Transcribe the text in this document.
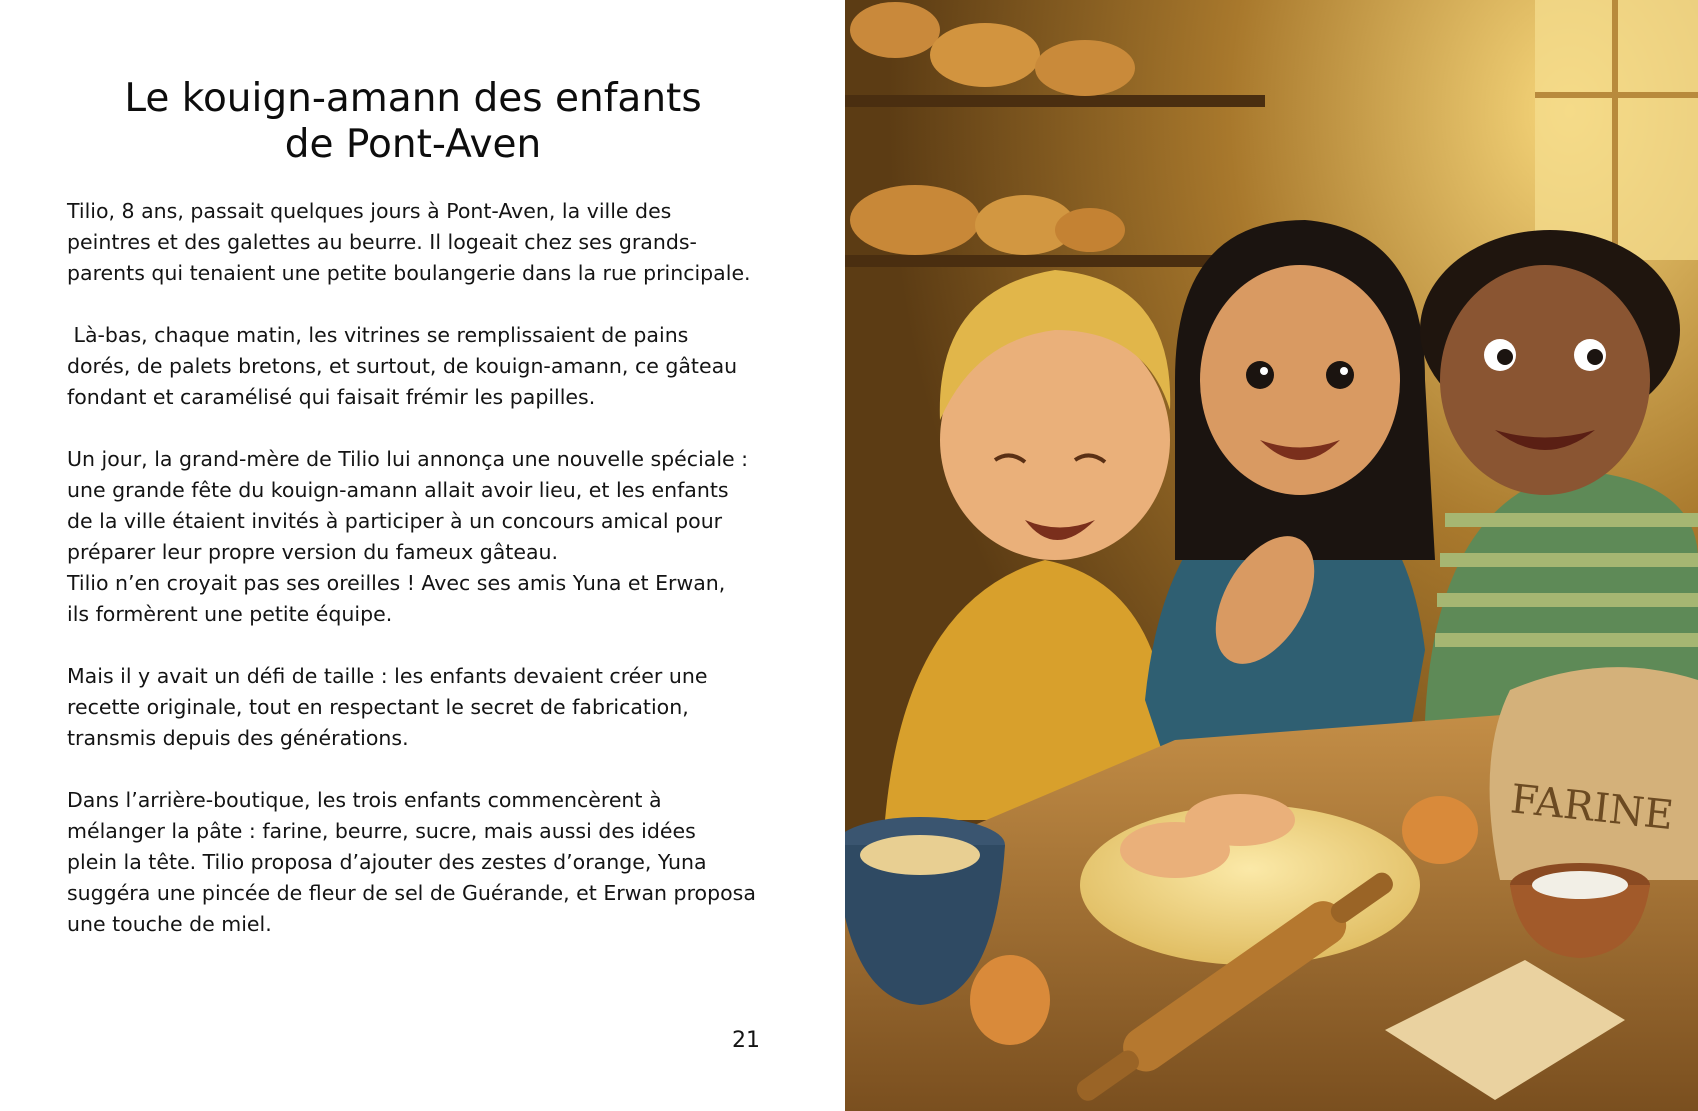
Le kouign-amann des enfants
de Pont-Aven

Tilio, 8 ans, passait quelques jours à Pont-Aven, la ville des
peintres et des galettes au beurre. Il logeait chez ses grands-
parents qui tenaient une petite boulangerie dans la rue principale.

Là-bas, chaque matin, les vitrines se remplissaient de pains
dorés, de palets bretons, et surtout, de kouign-amann, ce gâteau
fondant et caramélisé qui faisait frémir les papilles.

Un jour, la grand-mère de Tilio lui annonça une nouvelle spéciale :
une grande fête du kouign-amann allait avoir lieu, et les enfants
de la ville étaient invités à participer à un concours amical pour
préparer leur propre version du fameux gâteau.
Tilio n’en croyait pas ses oreilles ! Avec ses amis Yuna et Erwan,
ils formèrent une petite équipe.

Mais il y avait un défi de taille : les enfants devaient créer une
recette originale, tout en respectant le secret de fabrication,
transmis depuis des générations.

Dans l’arrière-boutique, les trois enfants commencèrent à
mélanger la pâte : farine, beurre, sucre, mais aussi des idées
plein la tête. Tilio proposa d’ajouter des zestes d’orange, Yuna
suggéra une pincée de fleur de sel de Guérande, et Erwan proposa
une touche de miel.

21
FARINE
